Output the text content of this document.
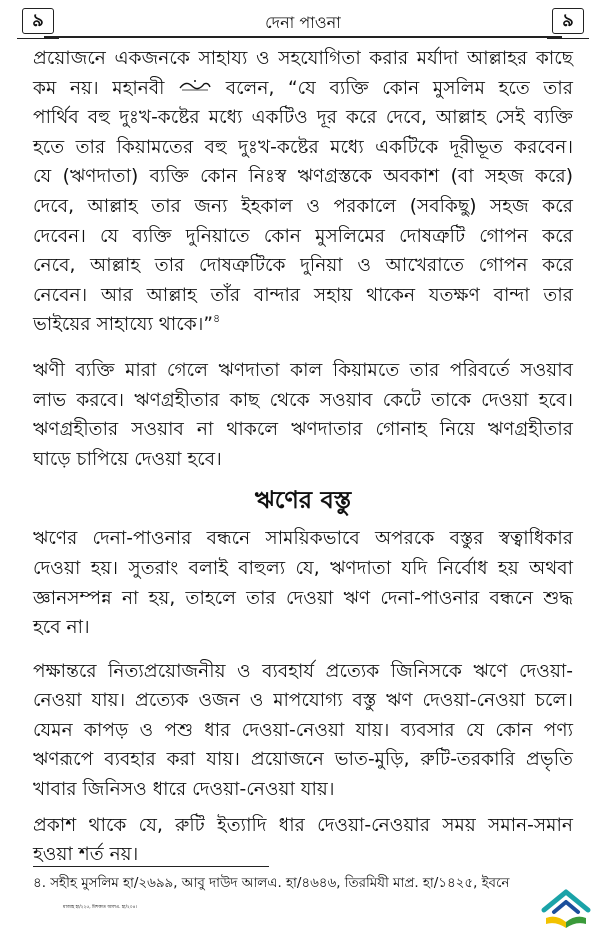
৯	দেনা পাওনা	৯

প্রয়োজনে একজনকে সাহায্য ও সহযোগিতা করার মর্যাদা আল্লাহর কাছে
কম নয়। মহানবী	বলেন, “যে ব্যক্তি কোন মুসলিম হতে তার
পার্থিব বহু দুঃখ-কষ্টের মধ্যে একটিও দূর করে দেবে, আল্লাহ সেই ব্যক্তি
হতে তার কিয়ামতের বহু দুঃখ-কষ্টের মধ্যে একটিকে দূরীভূত করবেন।
যে (ঋণদাতা) ব্যক্তি কোন নিঃস্ব ঋণগ্রস্তকে অবকাশ (বা সহজ করে)
দেবে, আল্লাহ তার জন্য ইহকাল ও পরকালে (সবকিছু) সহজ করে
দেবেন। যে ব্যক্তি দুনিয়াতে কোন মুসলিমের দোষত্রুটি গোপন করে
নেবে, আল্লাহ তার দোষত্রুটিকে দুনিয়া ও আখেরাতে গোপন করে
নেবেন। আর আল্লাহ তাঁর বান্দার সহায় থাকেন যতক্ষণ বান্দা তার
ভাইয়ের সাহায্যে থাকে।”$^৪$

ঋণী ব্যক্তি মারা গেলে ঋণদাতা কাল কিয়ামতে তার পরিবর্তে সওয়াব
লাভ করবে। ঋণগ্রহীতার কাছ থেকে সওয়াব কেটে তাকে দেওয়া হবে।
ঋণগ্রহীতার সওয়াব না থাকলে ঋণদাতার গোনাহ নিয়ে ঋণগ্রহীতার
ঘাড়ে চাপিয়ে দেওয়া হবে।

ঋণের বস্তু

ঋণের দেনা-পাওনার বন্ধনে সাময়িকভাবে অপরকে বস্তুর স্বত্বাধিকার
দেওয়া হয়। সুতরাং বলাই বাহুল্য যে, ঋণদাতা যদি নির্বোধ হয় অথবা
জ্ঞানসম্পন্ন না হয়, তাহলে তার দেওয়া ঋণ দেনা-পাওনার বন্ধনে শুদ্ধ
হবে না।

পক্ষান্তরে নিত্যপ্রয়োজনীয় ও ব্যবহার্য প্রত্যেক জিনিসকে ঋণে দেওয়া-
নেওয়া যায়। প্রত্যেক ওজন ও মাপযোগ্য বস্তু ঋণ দেওয়া-নেওয়া চলে।
যেমন কাপড় ও পশু ধার দেওয়া-নেওয়া যায়। ব্যবসার যে কোন পণ্য
ঋণরূপে ব্যবহার করা যায়। প্রয়োজনে ভাত-মুড়ি, রুটি-তরকারি প্রভৃতি
খাবার জিনিসও ধারে দেওয়া-নেওয়া যায়।

প্রকাশ থাকে যে, রুটি ইত্যাদি ধার দেওয়া-নেওয়ার সময় সমান-সমান
হওয়া শর্ত নয়।

৪. সহীহ মুসলিম হা/২৬৯৯, আবু দাউদ আলএ. হা/৪৬৪৬, তিরমিযী মাপ্র. হা/১৪২৫, ইবনে
মাজাহ হা/২২৫, মিশকাত আলএ. হা/২০৪।
